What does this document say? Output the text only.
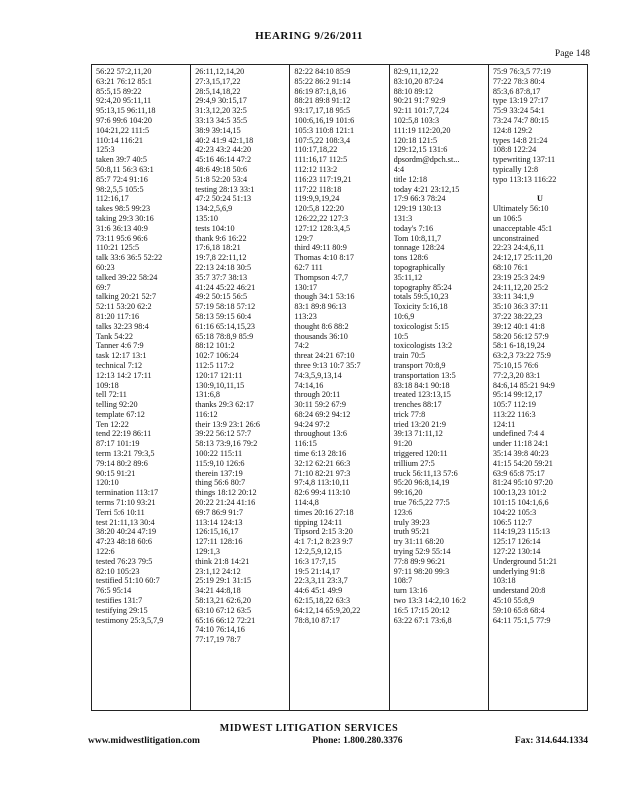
HEARING 9/26/2011
Page 148
56:22 57:2,11,20
63:21 76:12 85:1
85:5,15 89:22
92:4,20 95:11,11
95:13,15 96:11,18
97:6 99:6 104:20
104:21,22 111:5
110:14 116:21
125:3
taken 39:7 40:5
50:8,11 56:3 63:1
85:7 72:4 91:16
98:2,5,5 105:5
112:16,17
takes 98:5 99:23
taking 29:3 30:16
31:6 36:13 40:9
73:11 95:6 96:6
110:21 125:5
talk 33:6 36:5 52:22
60:23
talked 39:22 58:24
69:7
talking 20:21 52:7
52:11 53:20 62:2
81:20 117:16
talks 32:23 98:4
Tank 54:22
Tanner 4:6 7:9
task 12:17 13:1
technical 7:12
12:13 14:2 17:11
109:18
tell 72:11
telling 92:20
template 67:12
Ten 12:22
tend 22:19 86:11
87:17 101:19
term 13:21 79:3,5
79:14 80:2 89:6
90:15 91:21
120:10
termination 113:17
terms 71:10 93:21
Terri 5:6 10:11
test 21:11,13 30:4
38:20 40:24 47:19
47:23 48:18 60:6
122:6
tested 76:23 79:5
82:10 105:23
testified 51:10 60:7
76:5 95:14
testifies 131:7
testifying 29:15
testimony 25:3,5,7,9
26:11,12,14,20
27:3,15,17,22
28:5,14,18,22
29:4,9 30:15,17
31:3,12,20 32:5
33:13 34:5 35:5
38:9 39:14,15
40:2 41:9 42:1,18
42:23 43:2 44:20
45:16 46:14 47:2
48:6 49:18 50:6
51:8 52:20 53:4
testing 28:13 33:1
47:2 50:24 51:13
134:2,5,6,9
135:10
tests 104:10
thank 9:6 16:22
17:6,18 18:21
19:7,8 22:11,12
22:13 24:18 30:5
35:7 37:7 38:13
41:24 45:22 46:21
49:2 50:15 56:5
57:19 58:18 57:12
58:13 59:15 60:4
61:16 65:14,15,23
65:18 78:8,9 85:9
88:12 101:2
102:7 106:24
112:5 117:2
120:17 121:11
130:9,10,11,15
131:6,8
thanks 29:3 62:17
116:12
their 13:9 23:1 26:6
39:22 56:12 57:7
58:13 73:9,16 79:2
100:22 115:11
115:9,10 126:6
therein 137:19
thing 56:6 80:7
things 18:12 20:12
20:22 21:24 41:16
69:7 86:9 91:7
113:14 124:13
126:15,16,17
127:11 128:16
129:1,3
think 21:8 14:21
23:1,12 24:12
25:19 29:1 31:15
34:21 44:8,18
58:13,21 62:6,20
63:10 67:12 63:5
65:16 66:12 72:21
74:10 76:14,16
77:17,19 78:7
82:22 84:10 85:9
85:22 86:2 91:14
86:19 87:1,8,16
88:21 89:8 91:12
93:17,17,18 95:5
100:6,16,19 101:6
105:3 110:8 121:1
107:5,22 108:3,4
110:17,18,22
111:16,17 112:5
112:12 113:2
116:23 117:19,21
117:22 118:18
119:9,9,19,24
120:5,8 122:20
126:22,22 127:3
127:12 128:3,4,5
129:7
third 49:11 80:9
Thomas 4:10 8:17
62:7 111
Thompson 4:7,7
130:17
though 34:1 53:16
83:1 89:8 96:13
113:23
thought 8:6 88:2
thousands 36:10
74:2
threat 24:21 67:10
three 9:13 10:7 35:7
74:3,5,9,13,14
74:14,16
through 20:11
30:11 59:2 67:9
68:24 69:2 94:12
94:24 97:2
throughout 13:6
116:15
time 6:13 28:16
32:12 62:21 66:3
71:10 82:21 97:3
97:4,8 113:10,11
82:6 99:4 113:10
114:4,8
times 20:16 27:18
tipping 124:11
Tipsord 2:15 3:20
4:1 7:1,2 8:23 9:7
12:2,5,9,12,15
16:3 17:7,15
19:5 21:14,17
22:3,3,11 23:3,7
44:6 45:1 49:9
62:15,18,22 63:3
64:12,14 65:9,20,22
78:8,10 87:17
82:9,11,12,22
83:10,20 87:24
88:10 89:12
90:21 91:7 92:9
92:11 101:7,7,24
102:5,8 103:3
111:19 112:20,20
120:18 121:5
129:12,15 131:6
dpsordm@dpch.st...
4:4
title 12:18
today 4:21 23:12,15
17:9 66:3 78:24
129:19 130:13
131:3
today's 7:16
Tom 10:8,11,7
tonnage 128:24
tons 128:6
topographically
35:11,12
topography 85:24
totals 59:5,10,23
Toxicity 5:16,18
10:6,9
toxicologist 5:15
10:5
toxicologists 13:2
train 70:5
transport 70:8,9
transportation 13:5
83:18 84:1 90:18
treated 123:13,15
trenches 88:17
trick 77:8
tried 13:20 21:9
39:13 71:11,12
91:20
triggered 120:11
trillium 27:5
truck 56:11,13 57:6
95:20 96:8,14,19
99:16,20
true 76:5,22 77:5
123:6
truly 39:23
truth 95:21
try 31:11 68:20
trying 52:9 55:14
77:8 89:9 96:21
97:11 98:20 99:3
108:7
turn 13:16
two 13:3 14:2,10 16:2
16:5 17:15 20:12
63:22 67:1 73:6,8
75:9 76:3,5 77:19
77:22 78:3 80:4
85:3,6 87:8,17
type 13:19 27:17
75:9 33:24 54:1
73:24 74:7 80:15
124:8 129:2
types 14:8 21:24
108:8 122:24
typewriting 137:11
typically 12:8
typo 113:13 116:22
U
Ultimately 56:10
un 106:5
unacceptable 45:1
unconstrained
22:23 24:4,6,11
24:12,17 25:11,20
68:10 76:1
23:19 25:3 24:9
24:11,12,20 25:2
33:11 34:1,9
35:10 36:3 37:11
37:22 38:22,23
39:12 40:1 41:8
58:20 56:12 57:9
58:1 6-18,19,24
63:2,3 73:22 75:9
75:10,15 76:6
77:2,3,20 83:1
84:6,14 85:21 94:9
95:14 99:12,17
105:7 112:19
113:22 116:3
124:11
undefined 7:4 4
under 11:18 24:1
35:14 39:8 40:23
41:15 54:20 59:21
63:9 65:8 75:17
81:24 95:10 97:20
100:13,23 101:2
101:15 104:1,6,6
104:22 105:3
106:5 112:7
114:19,23 115:13
125:17 126:14
127:22 130:14
Underground 51:21
underlying 91:8
103:18
understand 20:8
45:10 55:8,9
59:10 65:8 68:4
64:11 75:1,5 77:9
MIDWEST LITIGATION SERVICES
www.midwestlitigation.com	Phone: 1.800.280.3376	Fax: 314.644.1334
